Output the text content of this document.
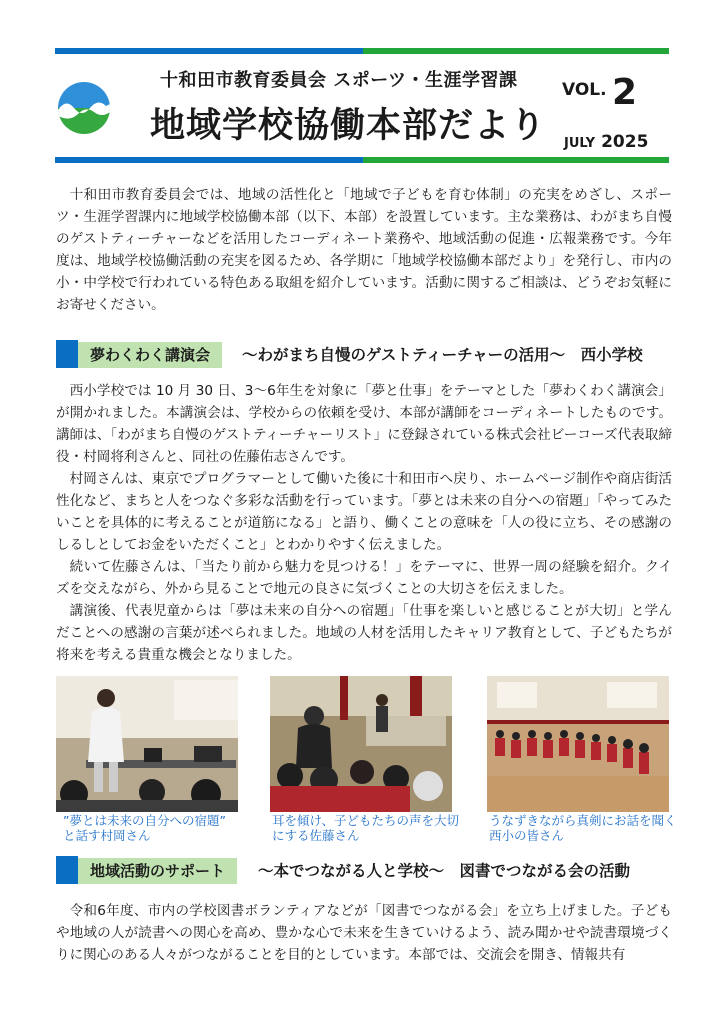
十和田市教育委員会 スポーツ・生涯学習課
地域学校協働本部だより
VOL. 2
JULY 2025

十和田市教育委員会では、地域の活性化と「地域で子どもを育む体制」の充実をめざし、スポーツ・生涯学習課内に地域学校協働本部（以下、本部）を設置しています。主な業務は、わがまち自慢のゲストティーチャーなどを活用したコーディネート業務や、地域活動の促進・広報業務です。今年度は、地域学校協働活動の充実を図るため、各学期に「地域学校協働本部だより」を発行し、市内の小・中学校で行われている特色ある取組を紹介しています。活動に関するご相談は、どうぞお気軽にお寄せください。

夢わくわく講演会	～わがまち自慢のゲストティーチャーの活用～　西小学校

西小学校では 10 月 30 日、3～6年生を対象に「夢と仕事」をテーマとした「夢わくわく講演会」が開かれました。本講演会は、学校からの依頼を受け、本部が講師をコーディネートしたものです。講師は、「わがまち自慢のゲストティーチャーリスト」に登録されている株式会社ビーコーズ代表取締役・村岡将利さんと、同社の佐藤佑志さんです。

村岡さんは、東京でプログラマーとして働いた後に十和田市へ戻り、ホームページ制作や商店街活性化など、まちと人をつなぐ多彩な活動を行っています。「夢とは未来の自分への宿題」「やってみたいことを具体的に考えることが道筋になる」と語り、働くことの意味を「人の役に立ち、その感謝のしるしとしてお金をいただくこと」とわかりやすく伝えました。

続いて佐藤さんは、「当たり前から魅力を見つける！」をテーマに、世界一周の経験を紹介。クイズを交えながら、外から見ることで地元の良さに気づくことの大切さを伝えました。

講演後、代表児童からは「夢は未来の自分への宿題」「仕事を楽しいと感じることが大切」と学んだことへの感謝の言葉が述べられました。地域の人材を活用したキャリア教育として、子どもたちが将来を考える貴重な機会となりました。

”夢とは未来の自分への宿題”
と話す村岡さん
耳を傾け、子どもたちの声を大切
にする佐藤さん
うなずきながら真剣にお話を聞く
西小の皆さん
地域活動のサポート	～本でつながる人と学校～　図書でつながる会の活動

令和6年度、市内の学校図書ボランティアなどが「図書でつながる会」を立ち上げました。子どもや地域の人が読書への関心を高め、豊かな心で未来を生きていけるよう、読み聞かせや読書環境づくりに関心のある人々がつながることを目的としています。本部では、交流会を開き、情報共有
